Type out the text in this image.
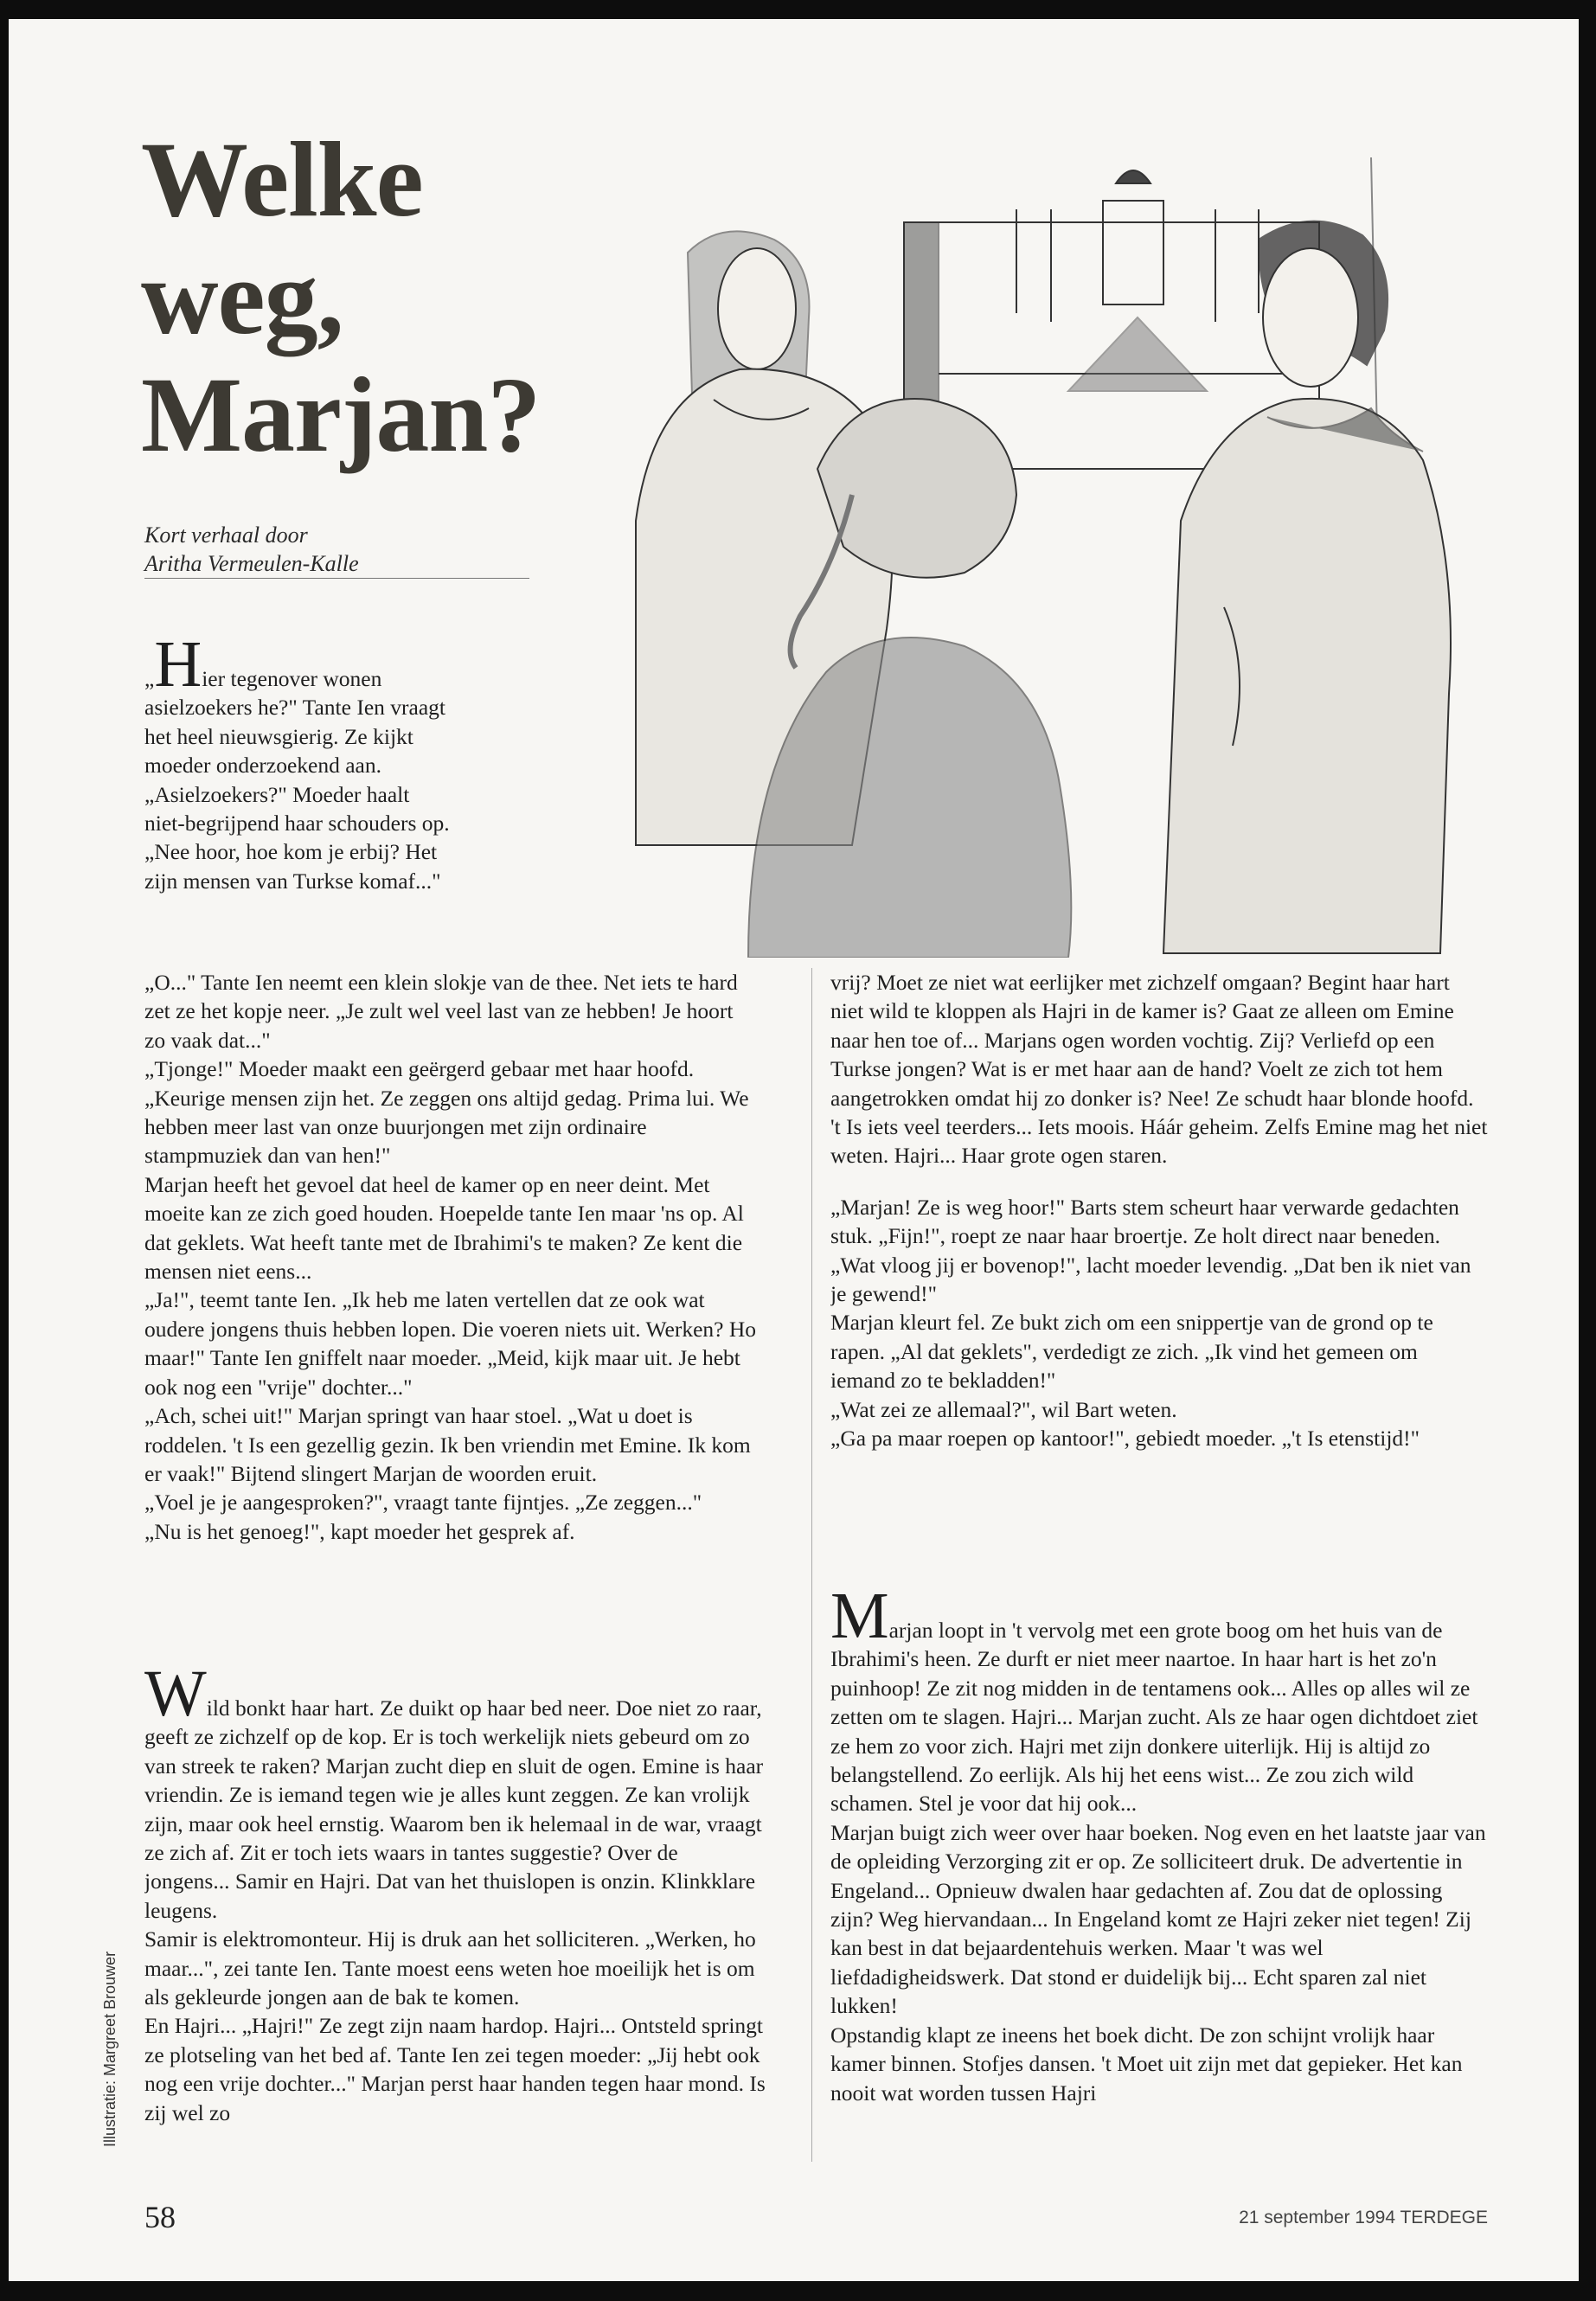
Welke
weg,
Marjan?
Kort verhaal door
Aritha Vermeulen-Kalle

„Hier tegenover wonen asielzoekers he?" Tante Ien vraagt het heel nieuwsgierig. Ze kijkt moeder onderzoekend aan. „Asielzoekers?" Moeder haalt niet-begrijpend haar schouders op. „Nee hoor, hoe kom je erbij? Het zijn mensen van Turkse komaf..."

„O..." Tante Ien neemt een klein slokje van de thee. Net iets te hard zet ze het kopje neer. „Je zult wel veel last van ze hebben! Je hoort zo vaak dat..."

„Tjonge!" Moeder maakt een geërgerd gebaar met haar hoofd. „Keurige mensen zijn het. Ze zeggen ons altijd gedag. Prima lui. We hebben meer last van onze buurjongen met zijn ordinaire stampmuziek dan van hen!"

Marjan heeft het gevoel dat heel de kamer op en neer deint. Met moeite kan ze zich goed houden. Hoepelde tante Ien maar 'ns op. Al dat geklets. Wat heeft tante met de Ibrahimi's te maken? Ze kent die mensen niet eens...

„Ja!", teemt tante Ien. „Ik heb me laten vertellen dat ze ook wat oudere jongens thuis hebben lopen. Die voeren niets uit. Werken? Ho maar!" Tante Ien gniffelt naar moeder. „Meid, kijk maar uit. Je hebt ook nog een "vrije" dochter..."

„Ach, schei uit!" Marjan springt van haar stoel. „Wat u doet is roddelen. 't Is een gezellig gezin. Ik ben vriendin met Emine. Ik kom er vaak!" Bijtend slingert Marjan de woorden eruit.

„Voel je je aangesproken?", vraagt tante fijntjes. „Ze zeggen..."

„Nu is het genoeg!", kapt moeder het gesprek af.

Wild bonkt haar hart. Ze duikt op haar bed neer. Doe niet zo raar, geeft ze zichzelf op de kop. Er is toch werkelijk niets gebeurd om zo van streek te raken? Marjan zucht diep en sluit de ogen. Emine is haar vriendin. Ze is iemand tegen wie je alles kunt zeggen. Ze kan vrolijk zijn, maar ook heel ernstig. Waarom ben ik helemaal in de war, vraagt ze zich af. Zit er toch iets waars in tantes suggestie? Over de jongens... Samir en Hajri. Dat van het thuislopen is onzin. Klinkklare leugens.

Samir is elektromonteur. Hij is druk aan het solliciteren. „Werken, ho maar...", zei tante Ien. Tante moest eens weten hoe moeilijk het is om als gekleurde jongen aan de bak te komen.

En Hajri... „Hajri!" Ze zegt zijn naam hardop. Hajri... Ontsteld springt ze plotseling van het bed af. Tante Ien zei tegen moeder: „Jij hebt ook nog een vrije dochter..." Marjan perst haar handen tegen haar mond. Is zij wel zo

vrij? Moet ze niet wat eerlijker met zichzelf omgaan? Begint haar hart niet wild te kloppen als Hajri in de kamer is? Gaat ze alleen om Emine naar hen toe of... Marjans ogen worden vochtig. Zij? Verliefd op een Turkse jongen? Wat is er met haar aan de hand? Voelt ze zich tot hem aangetrokken omdat hij zo donker is? Nee! Ze schudt haar blonde hoofd. 't Is iets veel teerders... Iets moois. Háár geheim. Zelfs Emine mag het niet weten. Hajri... Haar grote ogen staren.

„Marjan! Ze is weg hoor!" Barts stem scheurt haar verwarde gedachten stuk. „Fijn!", roept ze naar haar broertje. Ze holt direct naar beneden.

„Wat vloog jij er bovenop!", lacht moeder levendig. „Dat ben ik niet van je gewend!"

Marjan kleurt fel. Ze bukt zich om een snippertje van de grond op te rapen. „Al dat geklets", verdedigt ze zich. „Ik vind het gemeen om iemand zo te bekladden!"

„Wat zei ze allemaal?", wil Bart weten.

„Ga pa maar roepen op kantoor!", gebiedt moeder. „'t Is etenstijd!"

Marjan loopt in 't vervolg met een grote boog om het huis van de Ibrahimi's heen. Ze durft er niet meer naartoe. In haar hart is het zo'n puinhoop! Ze zit nog midden in de tentamens ook... Alles op alles wil ze zetten om te slagen. Hajri... Marjan zucht. Als ze haar ogen dichtdoet ziet ze hem zo voor zich. Hajri met zijn donkere uiterlijk. Hij is altijd zo belangstellend. Zo eerlijk. Als hij het eens wist... Ze zou zich wild schamen. Stel je voor dat hij ook...

Marjan buigt zich weer over haar boeken. Nog even en het laatste jaar van de opleiding Verzorging zit er op. Ze solliciteert druk. De advertentie in Engeland... Opnieuw dwalen haar gedachten af. Zou dat de oplossing zijn? Weg hiervandaan... In Engeland komt ze Hajri zeker niet tegen! Zij kan best in dat bejaardentehuis werken. Maar 't was wel liefdadigheidswerk. Dat stond er duidelijk bij... Echt sparen zal niet lukken!

Opstandig klapt ze ineens het boek dicht. De zon schijnt vrolijk haar kamer binnen. Stofjes dansen. 't Moet uit zijn met dat gepieker. Het kan nooit wat worden tussen Hajri

Illustratie: Margreet Brouwer
58	21 september 1994 TERDEGE
